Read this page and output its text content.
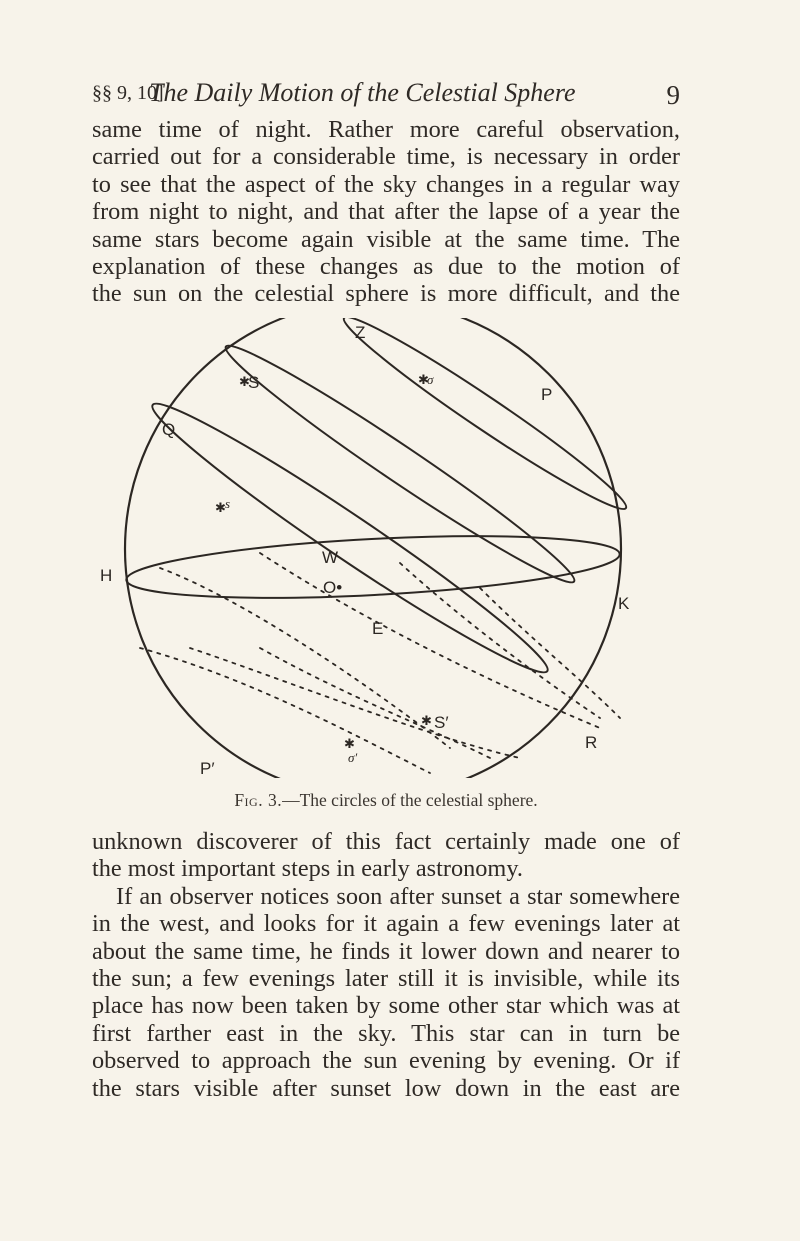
§§ 9, 10]
The Daily Motion of the Celestial Sphere	9

same time of night. Rather more careful observation,

carried out for a considerable time, is necessary in order

to see that the aspect of the sky changes in a regular way

from night to night, and that after the lapse of a year the

same stars become again visible at the same time. The

explanation of these changes as due to the motion of

the sun on the celestial sphere is more difficult, and the

Z
P
S	σ
Q
s
W
O•
H
K
E
S′
R
σ′
P′
✱	✱
✱
✱
✱
Fig. 3.—The circles of the celestial sphere.

unknown discoverer of this fact certainly made one of

the most important steps in early astronomy.

If an observer notices soon after sunset a star somewhere

in the west, and looks for it again a few evenings later at

about the same time, he finds it lower down and nearer to

the sun; a few evenings later still it is invisible, while its

place has now been taken by some other star which was at

first farther east in the sky. This star can in turn be

observed to approach the sun evening by evening. Or if

the stars visible after sunset low down in the east are
